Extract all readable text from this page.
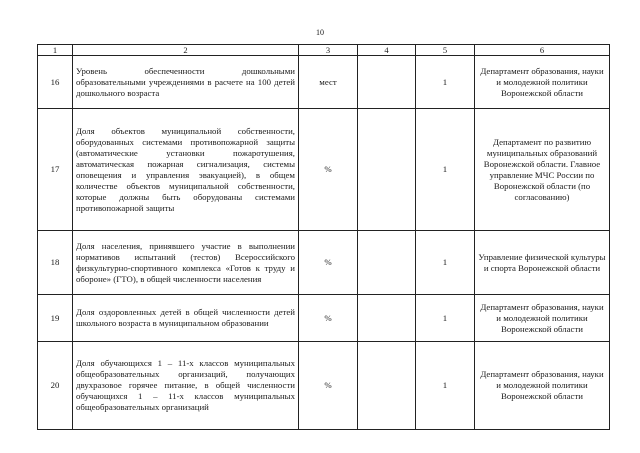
10
1	2	3	4	5	6
16	Уровень обеспеченности дошкольными образовательными учреждениями в расчете на 100 детей дошкольного возраста	мест		1	Департамент образования, науки и молодежной политики Воронежской области
17	Доля объектов муниципальной собственности, оборудованных системами противопожарной защиты (автоматические установки пожаротушения, автоматическая пожарная сигнализация, системы оповещения и управления эвакуацией), в общем количестве объектов муниципальной собственности, которые должны быть оборудованы системами противопожарной защиты	%		1	Департамент по развитию муниципальных образований Воронежской области. Главное управление МЧС России по Воронежской области (по согласованию)
18	Доля населения, принявшего участие в выполнении нормативов испытаний (тестов) Всероссийского физкультурно-спортивного комплекса «Готов к труду и обороне» (ГТО), в общей численности населения	%		1	Управление физической культуры и спорта Воронежской области
19	Доля оздоровленных детей в общей численности детей школьного возраста в муниципальном образовании	%		1	Департамент образования, науки и молодежной политики Воронежской области
20	Доля обучающихся 1 – 11-х классов муниципальных общеобразовательных организаций, получающих двухразовое горячее питание, в общей численности обучающихся 1 – 11-х классов муниципальных общеобразовательных организаций	%		1	Департамент образования, науки и молодежной политики Воронежской области
